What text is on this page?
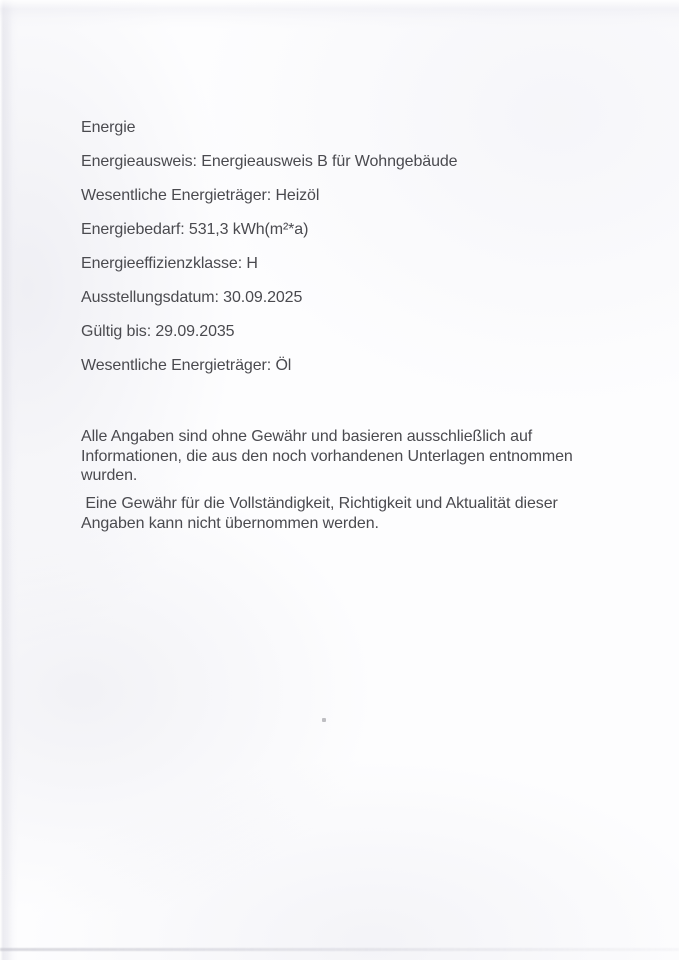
Energie
Energieausweis: Energieausweis B für Wohngebäude
Wesentliche Energieträger: Heizöl
Energiebedarf: 531,3 kWh(m²*a)
Energieeffizienzklasse: H
Ausstellungsdatum: 30.09.2025
Gültig bis: 29.09.2035
Wesentliche Energieträger: Öl
Alle Angaben sind ohne Gewähr und basieren ausschließlich auf
Informationen, die aus den noch vorhandenen Unterlagen entnommen
wurden.
Eine Gewähr für die Vollständigkeit, Richtigkeit und Aktualität dieser
Angaben kann nicht übernommen werden.
